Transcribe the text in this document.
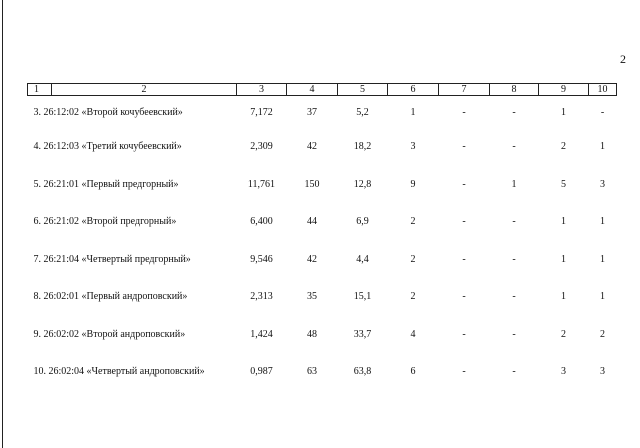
2
1	2	3	4	5	6	7	8	9	10
3. 26:12:02 «Второй кочубеевский»		7,172	37	5,2	1	-	-	1	-
4. 26:12:03 «Третий кочубеевский»		2,309	42	18,2	3	-	-	2	1
5. 26:21:01 «Первый предгорный»		11,761	150	12,8	9	-	1	5	3
6. 26:21:02 «Второй предгорный»		6,400	44	6,9	2	-	-	1	1
7. 26:21:04 «Четвертый предгорный»		9,546	42	4,4	2	-	-	1	1
8. 26:02:01 «Первый андроповский»		2,313	35	15,1	2	-	-	1	1
9. 26:02:02 «Второй андроповский»		1,424	48	33,7	4	-	-	2	2
10. 26:02:04 «Четвертый андроповский»		0,987	63	63,8	6	-	-	3	3
